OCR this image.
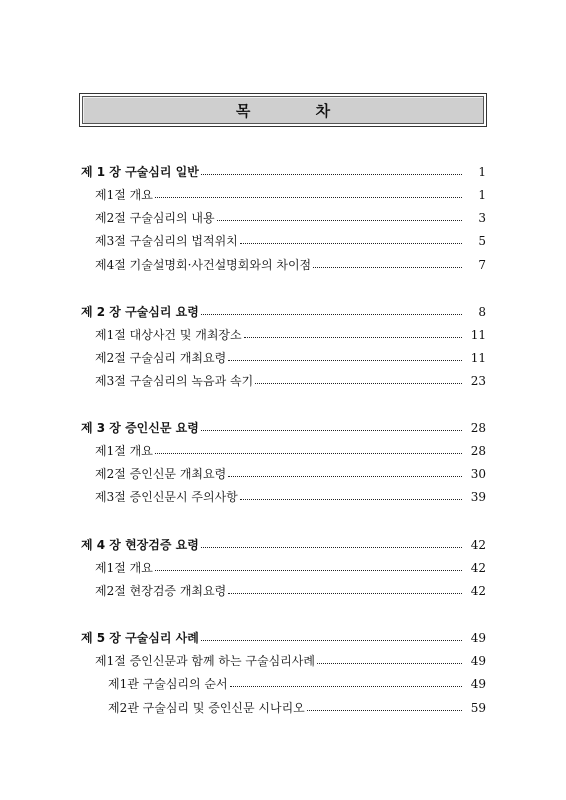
목 차
제 1 장 구술심리 일반	1
제1절 개요	1
제2절 구술심리의 내용	3
제3절 구술심리의 법적위치	5
제4절 기술설명회·사건설명회와의 차이점	7
제 2 장 구술심리 요령	8
제1절 대상사건 및 개최장소	11
제2절 구술심리 개최요령	11
제3절 구술심리의 녹음과 속기	23
제 3 장 증인신문 요령	28
제1절 개요	28
제2절 증인신문 개최요령	30
제3절 증인신문시 주의사항	39
제 4 장 현장검증 요령	42
제1절 개요	42
제2절 현장검증 개최요령	42
제 5 장 구술심리 사례	49
제1절 증인신문과 함께 하는 구술심리사례	49
제1관 구술심리의 순서	49
제2관 구술심리 및 증인신문 시나리오	59
